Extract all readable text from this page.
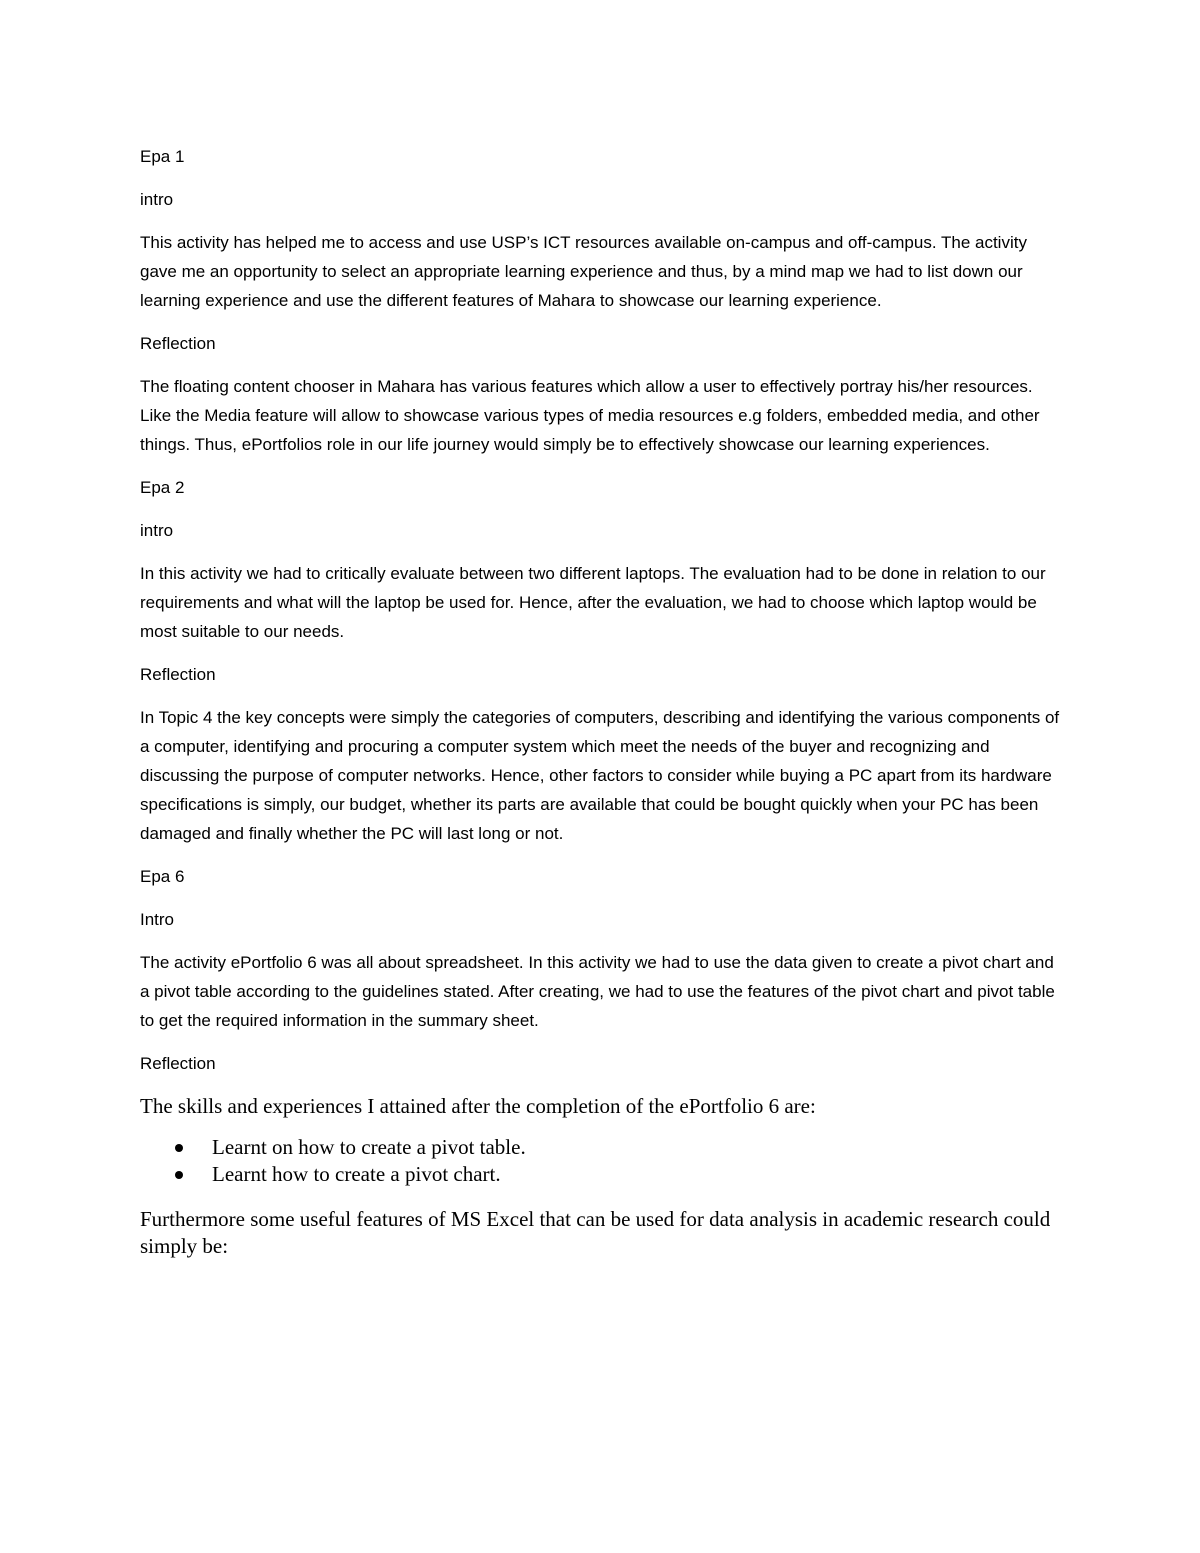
Epa 1

intro

This activity has helped me to access and use USP’s ICT resources available on-campus and off-campus. The activity gave me an opportunity to select an appropriate learning experience and thus, by a mind map we had to list down our learning experience and use the different features of Mahara to showcase our learning experience.

Reflection

The floating content chooser in Mahara has various features which allow a user to effectively portray his/her resources. Like the Media feature will allow to showcase various types of media resources e.g folders, embedded media, and other things. Thus, ePortfolios role in our life journey would simply be to effectively showcase our learning experiences.

Epa 2

intro

In this activity we had to critically evaluate between two different laptops. The evaluation had to be done in relation to our requirements and what will the laptop be used for. Hence, after the evaluation, we had to choose which laptop would be most suitable to our needs.

Reflection

In Topic 4 the key concepts were simply the categories of computers, describing and identifying the various components of a computer, identifying and procuring a computer system which meet the needs of the buyer and recognizing and discussing the purpose of computer networks. Hence, other factors to consider while buying a PC apart from its hardware specifications is simply, our budget, whether its parts are available that could be bought quickly when your PC has been damaged and finally whether the PC will last long or not.

Epa 6

Intro

The activity ePortfolio 6 was all about spreadsheet. In this activity we had to use the data given to create a pivot chart and a pivot table according to the guidelines stated. After creating, we had to use the features of the pivot chart and pivot table to get the required information in the summary sheet.

Reflection

The skills and experiences I attained after the completion of the ePortfolio 6 are:

Learnt on how to create a pivot table.
Learnt how to create a pivot chart.

Furthermore some useful features of MS Excel that can be used for data analysis in academic research could simply be:
